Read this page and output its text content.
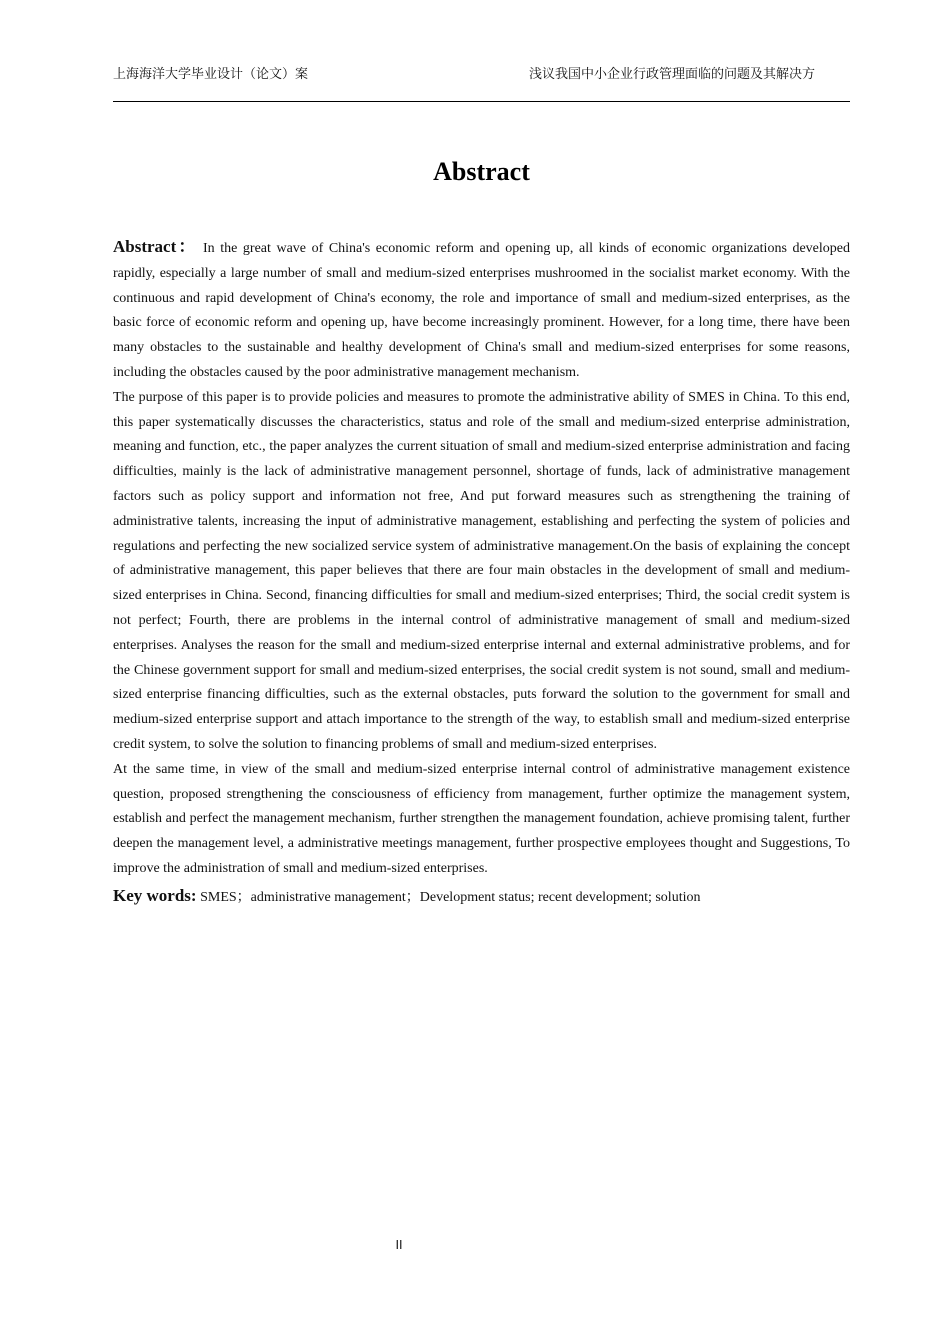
上海海洋大学毕业设计（论文）案	浅议我国中小企业行政管理面临的问题及其解决方
Abstract

Abstract： In the great wave of China's economic reform and opening up, all kinds of economic organizations developed rapidly, especially a large number of small and medium-sized enterprises mushroomed in the socialist market economy. With the continuous and rapid development of China's economy, the role and importance of small and medium-sized enterprises, as the basic force of economic reform and opening up, have become increasingly prominent. However, for a long time, there have been many obstacles to the sustainable and healthy development of China's small and medium-sized enterprises for some reasons, including the obstacles caused by the poor administrative management mechanism.

The purpose of this paper is to provide policies and measures to promote the administrative ability of SMES in China. To this end, this paper systematically discusses the characteristics, status and role of the small and medium-sized enterprise administration, meaning and function, etc., the paper analyzes the current situation of small and medium-sized enterprise administration and facing difficulties, mainly is the lack of administrative management personnel, shortage of funds, lack of administrative management factors such as policy support and information not free, And put forward measures such as strengthening the training of administrative talents, increasing the input of administrative management, establishing and perfecting the system of policies and regulations and perfecting the new socialized service system of administrative management.On the basis of explaining the concept of administrative management, this paper believes that there are four main obstacles in the development of small and medium-sized enterprises in China. Second, financing difficulties for small and medium-sized enterprises; Third, the social credit system is not perfect; Fourth, there are problems in the internal control of administrative management of small and medium-sized enterprises. Analyses the reason for the small and medium-sized enterprise internal and external administrative problems, and for the Chinese government support for small and medium-sized enterprises, the social credit system is not sound, small and medium-sized enterprise financing difficulties, such as the external obstacles, puts forward the solution to the government for small and medium-sized enterprise support and attach importance to the strength of the way, to establish small and medium-sized enterprise credit system, to solve the solution to financing problems of small and medium-sized enterprises.

At the same time, in view of the small and medium-sized enterprise internal control of administrative management existence question, proposed strengthening the consciousness of efficiency from management, further optimize the management system, establish and perfect the management mechanism, further strengthen the management foundation, achieve promising talent, further deepen the management level, a administrative meetings management, further prospective employees thought and Suggestions, To improve the administration of small and medium-sized enterprises.

Key words: SMES；administrative management；Development status; recent development; solution

II
